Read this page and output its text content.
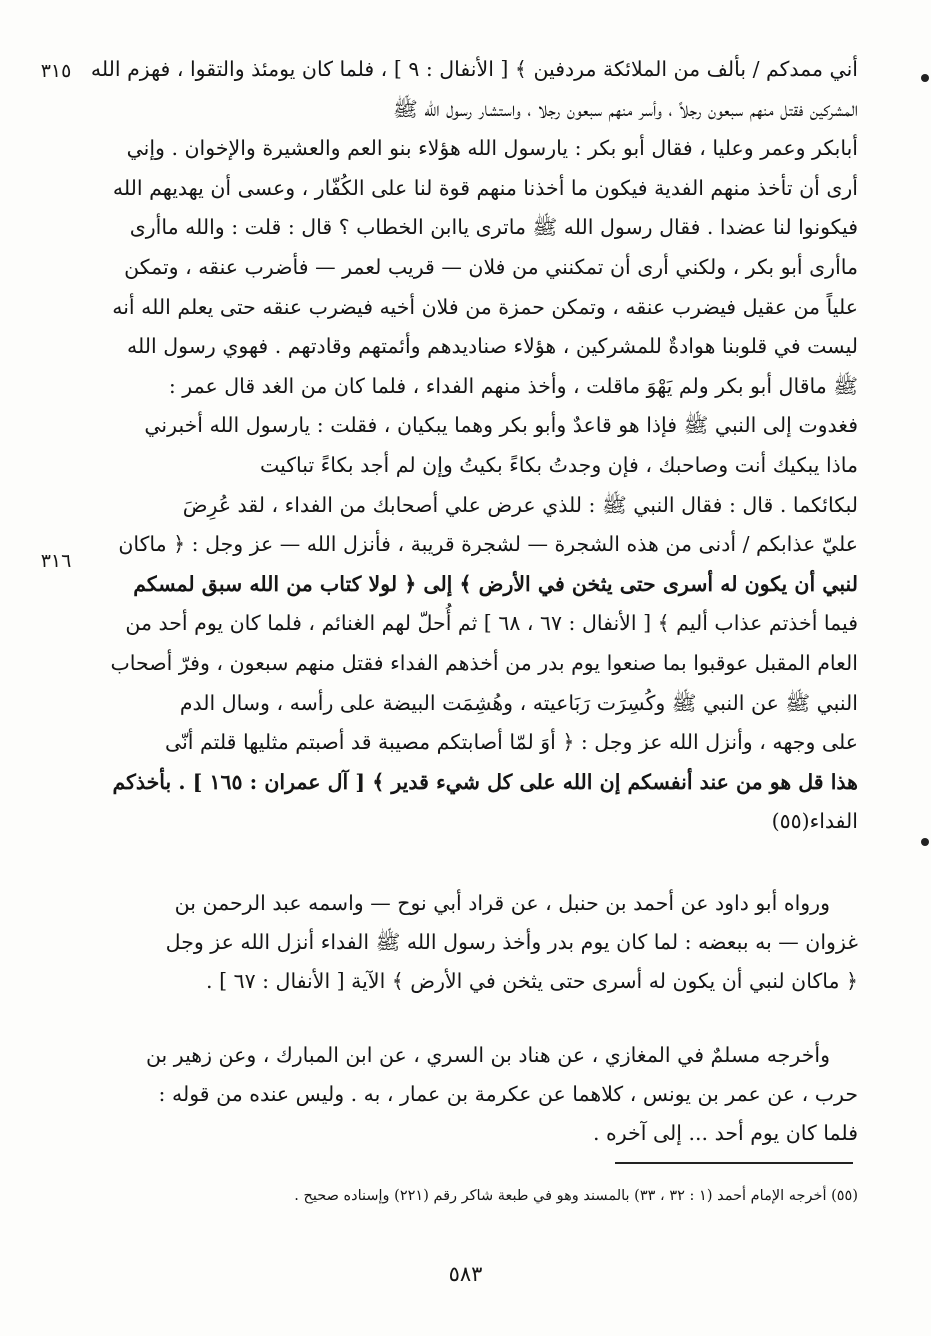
٣١٥
٣١٦

أني ممدكم / بألف من الملائكة مردفين ﴾ [ الأنفال : ٩ ] ، فلما كان يومئذ والتقوا ، فهزم الله

المشركين فقتل منهم سبعون رجلاً ، وأسر منهم سبعون رجلا ، واستشار رسول الله ﷺ

أبابكر وعمر وعليا ، فقال أبو بكر : يارسول الله هؤلاء بنو العم والعشيرة والإخوان . وإني

أرى أن تأخذ منهم الفدية فيكون ما أخذنا منهم قوة لنا على الكُفّار ، وعسى أن يهديهم الله

فيكونوا لنا عضدا . فقال رسول الله ﷺ ماترى ياابن الخطاب ؟ قال : قلت : والله ماأرى

ماأرى أبو بكر ، ولكني أرى أن تمكنني من فلان — قريب لعمر — فأضرب عنقه ، وتمكن

علياً من عقيل فيضرب عنقه ، وتمكن حمزة من فلان أخيه فيضرب عنقه حتى يعلم الله أنه

ليست في قلوبنا هوادةٌ للمشركين ، هؤلاء صناديدهم وأئمتهم وقادتهم . فهوي رسول الله

ﷺ ماقال أبو بكر ولم يَهْوَ ماقلت ، وأخذ منهم الفداء ، فلما كان من الغد قال عمر :

فغدوت إلى النبي ﷺ فإذا هو قاعدٌ وأبو بكر وهما يبكيان ، فقلت : يارسول الله أخبرني

ماذا يبكيك أنت وصاحبك ، فإن وجدتُ بكاءً بكيتُ وإن لم أجد بكاءً تباكيت

لبكائكما . قال : فقال النبي ﷺ : للذي عرض علي أصحابك من الفداء ، لقد عُرِضَ

عليّ عذابكم / أدنى من هذه الشجرة — لشجرة قريبة ، فأنزل الله — عز وجل : ﴿ ماكان

لنبي أن يكون له أسرى حتى يثخن في الأرض ﴾ إلى ﴿ لولا كتاب من الله سبق لمسكم

فيما أخذتم عذاب أليم ﴾ [ الأنفال : ٦٧ ، ٦٨ ] ثم أُحلّ لهم الغنائم ، فلما كان يوم أحد من

العام المقبل عوقبوا بما صنعوا يوم بدر من أخذهم الفداء فقتل منهم سبعون ، وفرّ أصحاب

النبي ﷺ عن النبي ﷺ وكُسِرَت رَبَاعيته ، وهُشِمَت البيضة على رأسه ، وسال الدم

على وجهه ، وأنزل الله عز وجل : ﴿ أوَ لمّا أصابتكم مصيبة قد أصبتم مثليها قلتم أنّى

هذا قل هو من عند أنفسكم إن الله على كل شيء قدير ﴾ [ آل عمران : ١٦٥ ] . بأخذكم

الفداء(٥٥)

ورواه أبو داود عن أحمد بن حنبل ، عن قراد أبي نوح — واسمه عبد الرحمن بن

غزوان — به ببعضه : لما كان يوم بدر وأخذ رسول الله ﷺ الفداء أنزل الله عز وجل

﴿ ماكان لنبي أن يكون له أسرى حتى يثخن في الأرض ﴾ الآية [ الأنفال : ٦٧ ] .

وأخرجه مسلمٌ في المغازي ، عن هناد بن السري ، عن ابن المبارك ، وعن زهير بن

حرب ، عن عمر بن يونس ، كلاهما عن عكرمة بن عمار ، به . وليس عنده من قوله :

فلما كان يوم أحد ... إلى آخره .

(٥٥) أخرجه الإمام أحمد (١ : ٣٢ ، ٣٣) بالمسند وهو في طبعة شاكر رقم (٢٢١) وإسناده صحيح .
٥٨٣
